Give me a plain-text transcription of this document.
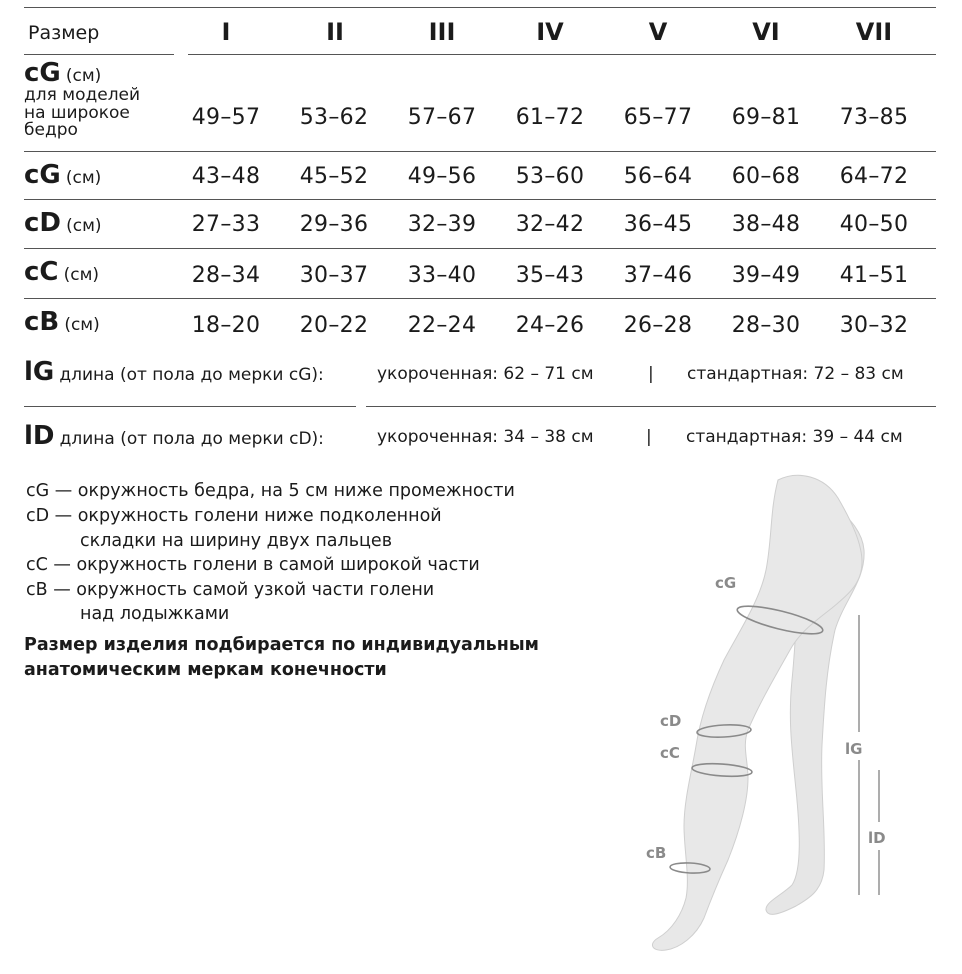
Размер	I	II	III	IV	V	VI	VII
cG (см)
для моделей
на широкое
бедро	49–57	53–62	57–67	61–72	65–77	69–81	73–85
cG (см)	43–48	45–52	49–56	53–60	56–64	60–68	64–72
cD (см)	27–33	29–36	32–39	32–42	36–45	38–48	40–50
cC (см)	28–34	30–37	33–40	35–43	37–46	39–49	41–51
cB (см)	18–20	20–22	22–24	24–26	26–28	28–30	30–32
lG длина (от пола до мерки cG):	укороченная: 62 – 71 см	| стандартная: 72 – 83 см
lD длина (от пола до мерки cD):	укороченная: 34 – 38 см	| стандартная: 39 – 44 см
cG — окружность бедра, на 5 см ниже промежности
cD — окружность голени ниже подколенной
складки на ширину двух пальцев
cC — окружность голени в самой широкой части
cB — окружность самой узкой части голени
над лодыжками
Размер изделия подбирается по индивидуальным
анатомическим меркам конечности
cG
cD
cC
cB
lG
lD
